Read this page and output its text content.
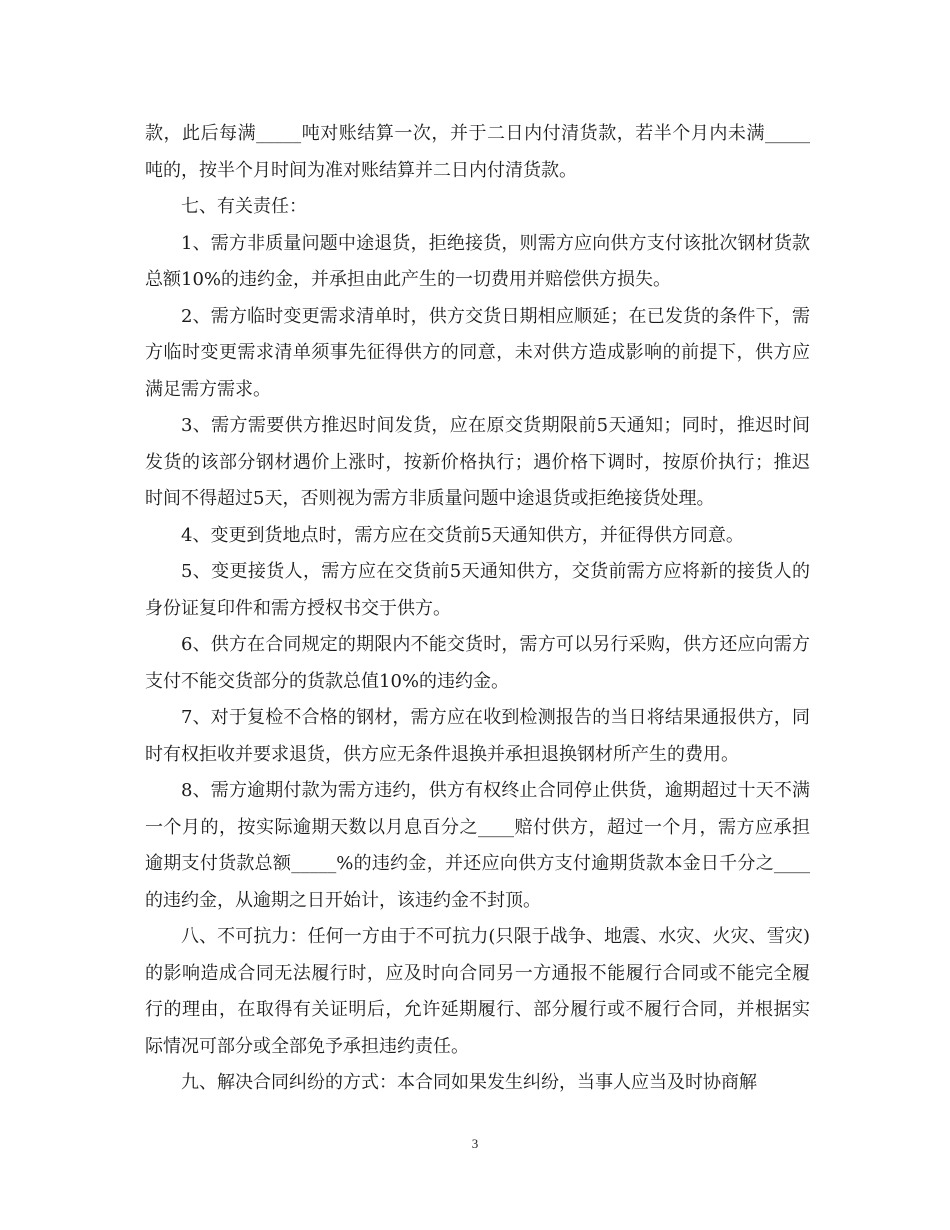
款，此后每满_____吨对账结算一次，并于二日内付清货款，若半个月内未满_____吨的，按半个月时间为准对账结算并二日内付清货款。

七、有关责任：

1、需方非质量问题中途退货，拒绝接货，则需方应向供方支付该批次钢材货款总额10%的违约金，并承担由此产生的一切费用并赔偿供方损失。

2、需方临时变更需求清单时，供方交货日期相应顺延；在已发货的条件下，需方临时变更需求清单须事先征得供方的同意，未对供方造成影响的前提下，供方应满足需方需求。

3、需方需要供方推迟时间发货，应在原交货期限前5天通知；同时，推迟时间发货的该部分钢材遇价上涨时，按新价格执行；遇价格下调时，按原价执行；推迟时间不得超过5天，否则视为需方非质量问题中途退货或拒绝接货处理。

4、变更到货地点时，需方应在交货前5天通知供方，并征得供方同意。

5、变更接货人，需方应在交货前5天通知供方，交货前需方应将新的接货人的身份证复印件和需方授权书交于供方。

6、供方在合同规定的期限内不能交货时，需方可以另行采购，供方还应向需方支付不能交货部分的货款总值10%的违约金。

7、对于复检不合格的钢材，需方应在收到检测报告的当日将结果通报供方，同时有权拒收并要求退货，供方应无条件退换并承担退换钢材所产生的费用。

8、需方逾期付款为需方违约，供方有权终止合同停止供货，逾期超过十天不满一个月的，按实际逾期天数以月息百分之____赔付供方，超过一个月，需方应承担逾期支付货款总额_____%的违约金，并还应向供方支付逾期货款本金日千分之____的违约金，从逾期之日开始计，该违约金不封顶。

八、不可抗力：任何一方由于不可抗力(只限于战争、地震、水灾、火灾、雪灾)的影响造成合同无法履行时，应及时向合同另一方通报不能履行合同或不能完全履行的理由，在取得有关证明后，允许延期履行、部分履行或不履行合同，并根据实际情况可部分或全部免予承担违约责任。

九、解决合同纠纷的方式：本合同如果发生纠纷，当事人应当及时协商解

3
